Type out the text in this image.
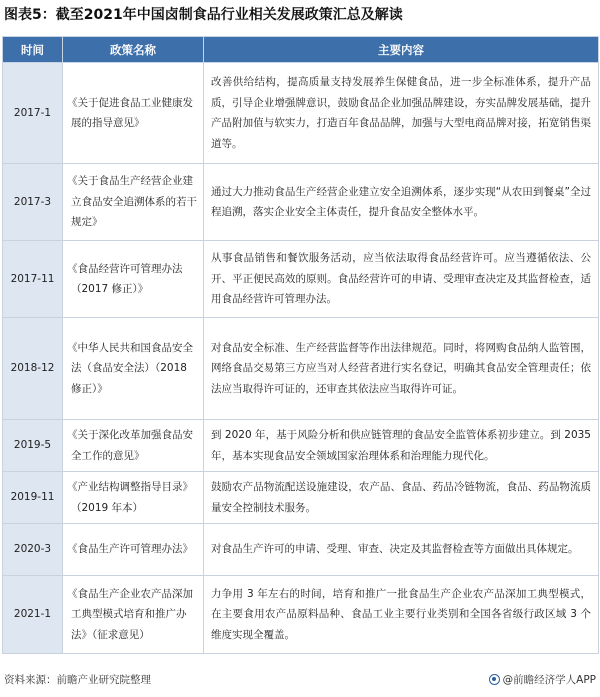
图表5：截至2021年中国卤制食品行业相关发展政策汇总及解读
时间	政策名称	主要内容
2017-1	《关于促进食品工业健康发展的指导意见》	改善供给结构，提高质量支持发展养生保健食品，进一步全标准体系，提升产品质，引导企业增强牌意识，鼓励食品企业加强品牌建设，夯实品牌发展基础，提升产品附加值与软实力，打造百年食品品牌，加强与大型电商品牌对接，拓宽销售渠道等。
2017-3	《关于食品生产经营企业建立食品安全追溯体系的若干规定》	通过大力推动食品生产经营企业建立安全追溯体系，逐步实现“从农田到餐桌”全过程追溯，落实企业安全主体责任，提升食品安全整体水平。
2017-11	《食品经营许可管理办法（2017 修正）》	从事食品销售和餐饮服务活动，应当依法取得食品经营许可。应当遵循依法、公开、平正便民高效的原则。食品经营许可的申请、受理审查决定及其监督检查，适用食品经营许可管理办法。
2018-12	《中华人民共和国食品安全法（食品安全法）（2018 修正）》	对食品安全标准、生产经营监督等作出法律规范。同时，将网购食品纳人监管围，网络食品交易第三方应当对人经营者进行实名登记，明确其食品安全管理责任；依法应当取得许可证的，还审查其依法应当取得许可证。
2019-5	《关于深化改革加强食品安全工作的意见》	到 2020 年，基于风险分析和供应链管理的食品安全监管体系初步建立。到 2035 年，基本实现食品安全领域国家治理体系和治理能力现代化。
2019-11	《产业结构调整指导目录》（2019 年本）	鼓励农产品物流配送设施建设，农产品、食品、药品冷链物流，食品、药品物流质量安全控制技术服务。
2020-3	《食品生产许可管理办法》	对食品生产许可的申请、受理、审查、决定及其监督检查等方面做出具体规定。
2021-1	《食品生产企业农产品深加工典型模式培育和推广办法》（征求意见）	力争用 3 年左右的时间，培育和推广一批食品生产企业农产品深加工典型模式，在主要食用农产品原料品种、食品工业主要行业类别和全国各省级行政区域 3 个维度实现全覆盖。
资料来源：前瞻产业研究院整理	@前瞻经济学人APP
